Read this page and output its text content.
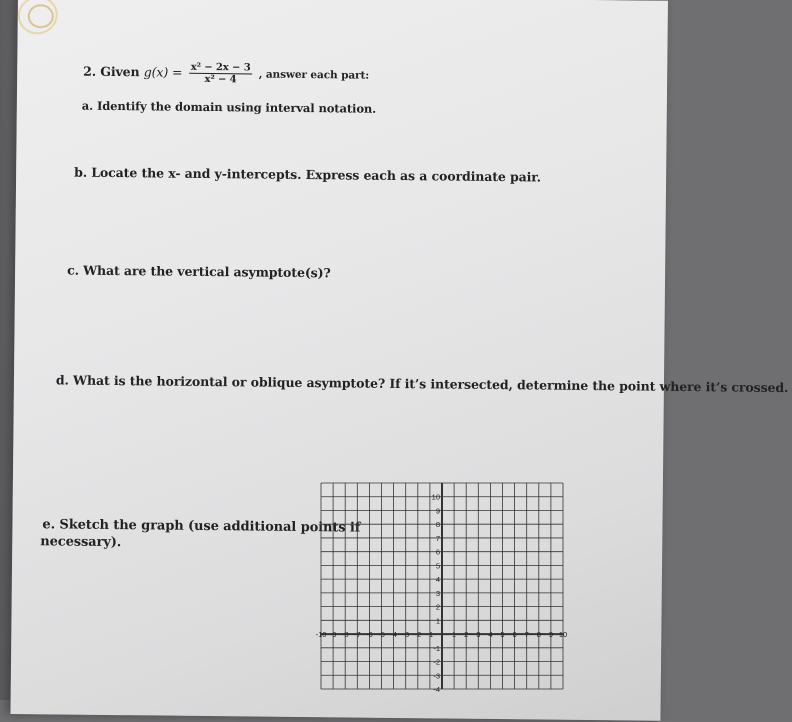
2. Given $g(x) = \frac{\text{x² − 2x − 3}}{\text{x² − 4}}$ , answer each part:
a. Identify the domain using interval notation.
b. Locate the x- and y-intercepts. Express each as a coordinate pair.
c. What are the vertical asymptote(s)?
d. What is the horizontal or oblique asymptote? If it’s intersected, determine the point where it’s crossed.
e. Sketch the graph (use additional points if
necessary).
10
9
8
7
6
5
4
3
2
1
-1
-2
-3
-4
-10 -9 -8 -7 -6 -5 -4 -3 -2 -1	1 2 3 4 5 6 7 8 9 10
